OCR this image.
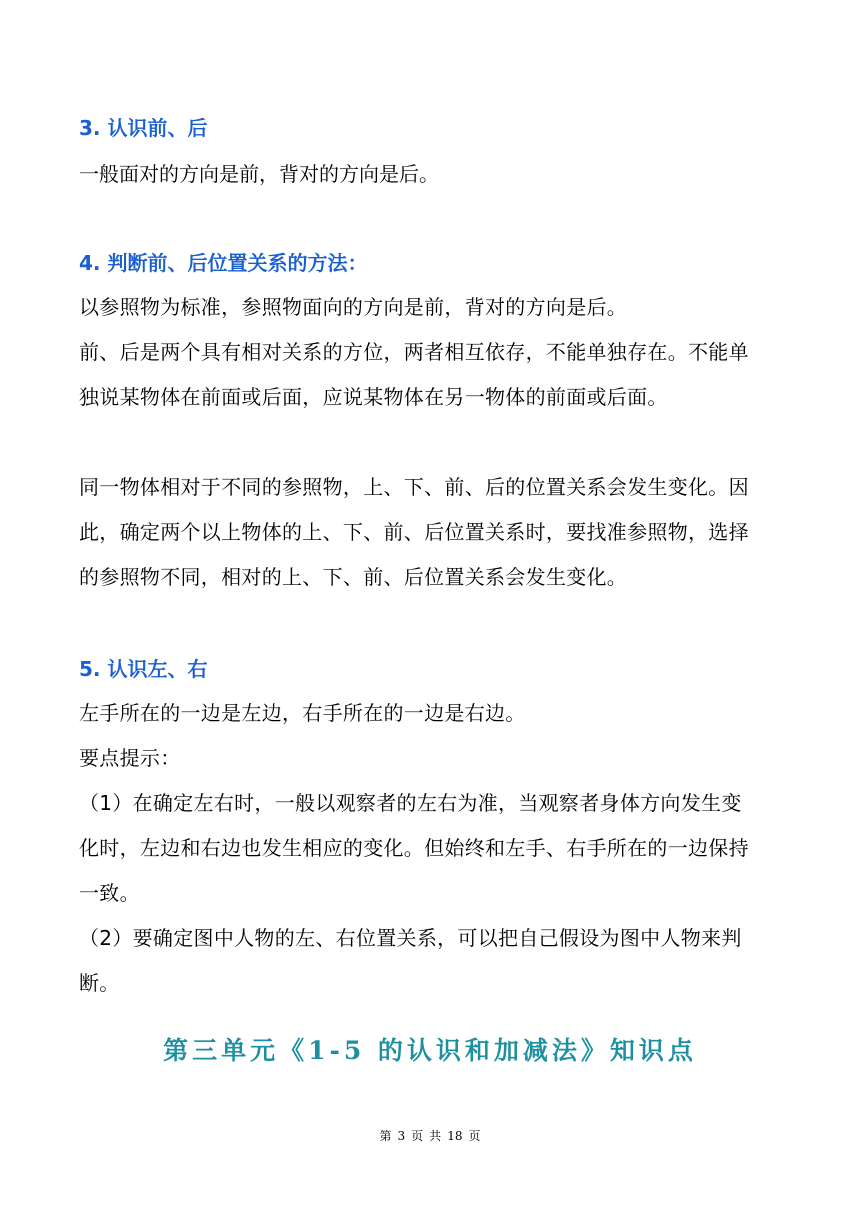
3. 认识前、后
一般面对的方向是前，背对的方向是后。
4. 判断前、后位置关系的方法：

以参照物为标准，参照物面向的方向是前，背对的方向是后。

前、后是两个具有相对关系的方位，两者相互依存，不能单独存在。不能单

独说某物体在前面或后面，应说某物体在另一物体的前面或后面。

同一物体相对于不同的参照物，上、下、前、后的位置关系会发生变化。因

此，确定两个以上物体的上、下、前、后位置关系时，要找准参照物，选择

的参照物不同，相对的上、下、前、后位置关系会发生变化。

5. 认识左、右

左手所在的一边是左边，右手所在的一边是右边。

要点提示：

（1）在确定左右时，一般以观察者的左右为准，当观察者身体方向发生变

化时，左边和右边也发生相应的变化。但始终和左手、右手所在的一边保持

一致。

（2）要确定图中人物的左、右位置关系，可以把自己假设为图中人物来判

断。

第三单元《1-5 的认识和加减法》知识点
第 3 页 共 18 页
